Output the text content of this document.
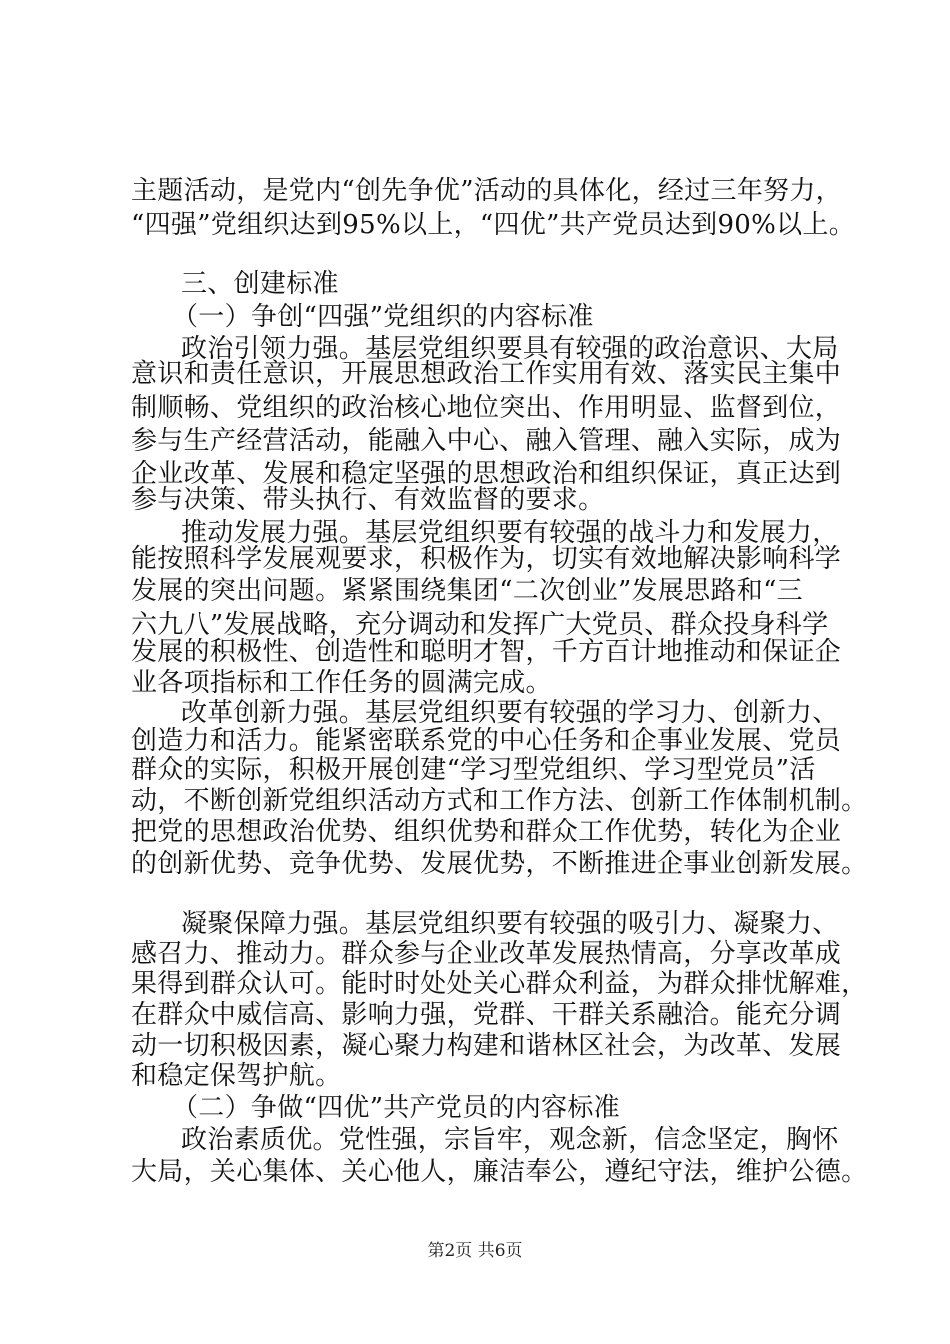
主题活动，是党内“创先争优”活动的具体化，经过三年努力，
“四强”党组织达到95%以上，“四优”共产党员达到90%以上。
三、创建标准
（一）争创“四强”党组织的内容标准
政治引领力强。基层党组织要具有较强的政治意识、大局
意识和责任意识，开展思想政治工作实用有效、落实民主集中
制顺畅、党组织的政治核心地位突出、作用明显、监督到位，
参与生产经营活动，能融入中心、融入管理、融入实际，成为
企业改革、发展和稳定坚强的思想政治和组织保证，真正达到
参与决策、带头执行、有效监督的要求。
推动发展力强。基层党组织要有较强的战斗力和发展力，
能按照科学发展观要求，积极作为，切实有效地解决影响科学
发展的突出问题。紧紧围绕集团“二次创业”发展思路和“三
六九八”发展战略，充分调动和发挥广大党员、群众投身科学
发展的积极性、创造性和聪明才智，千方百计地推动和保证企
业各项指标和工作任务的圆满完成。
改革创新力强。基层党组织要有较强的学习力、创新力、
创造力和活力。能紧密联系党的中心任务和企事业发展、党员
群众的实际，积极开展创建“学习型党组织、学习型党员”活
动，不断创新党组织活动方式和工作方法、创新工作体制机制。
把党的思想政治优势、组织优势和群众工作优势，转化为企业
的创新优势、竞争优势、发展优势，不断推进企事业创新发展。
凝聚保障力强。基层党组织要有较强的吸引力、凝聚力、
感召力、推动力。群众参与企业改革发展热情高，分享改革成
果得到群众认可。能时时处处关心群众利益，为群众排忧解难，
在群众中威信高、影响力强，党群、干群关系融洽。能充分调
动一切积极因素，凝心聚力构建和谐林区社会，为改革、发展
和稳定保驾护航。
（二）争做“四优”共产党员的内容标准
政治素质优。党性强，宗旨牢，观念新，信念坚定，胸怀
大局，关心集体、关心他人，廉洁奉公，遵纪守法，维护公德。
第2页 共6页
